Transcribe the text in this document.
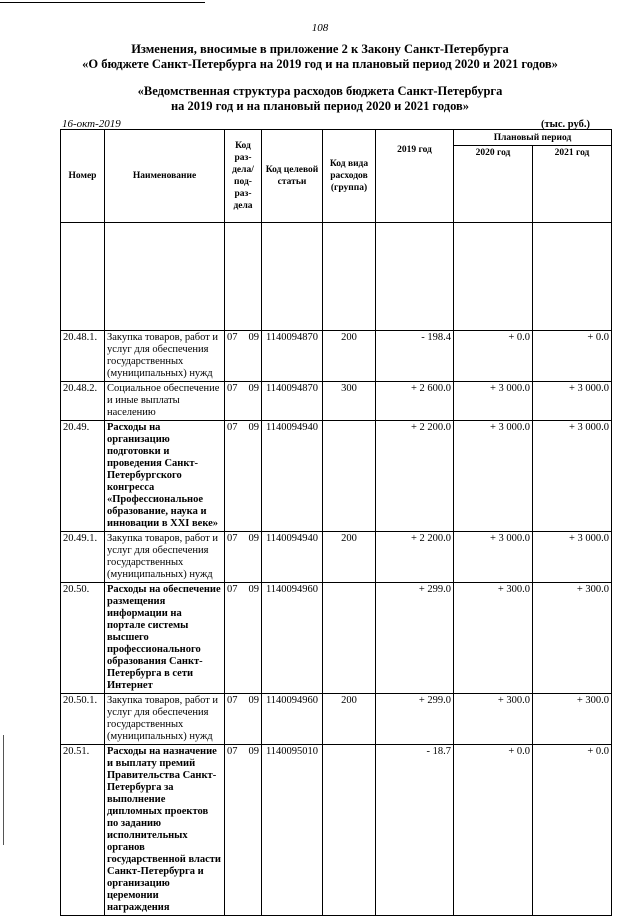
108
Изменения, вносимые в приложение 2 к Закону Санкт-Петербурга
«О бюджете Санкт-Петербурга на 2019 год и на плановый период 2020 и 2021 годов»
«Ведомственная структура расходов бюджета Санкт-Петербурга
на 2019 год и на плановый период 2020 и 2021 годов»
16-окт-2019	(тыс. руб.)
Номер	Наименование	Код раз-дела/ под-раз-дела		Код целевой статьи	Код вида расходов (группа)	2019 год	Плановый период	
							2020 год	2021 год

20.48.1.	Закупка товаров, работ и услуг для обеспечения государственных (муниципальных) нужд	07	09	1140094870	200	- 198.4	+ 0.0	+ 0.0
20.48.2.	Социальное обеспечение и иные выплаты населению	07	09	1140094870	300	+ 2 600.0	+ 3 000.0	+ 3 000.0
20.49.	Расходы на организацию подготовки и проведения Санкт-Петербургского конгресса «Профессиональное образование, наука и инновации в XXI веке»	07	09	1140094940		+ 2 200.0	+ 3 000.0	+ 3 000.0
20.49.1.	Закупка товаров, работ и услуг для обеспечения государственных (муниципальных) нужд	07	09	1140094940	200	+ 2 200.0	+ 3 000.0	+ 3 000.0
20.50.	Расходы на обеспечение размещения информации на портале системы высшего профессионального образования Санкт-Петербурга в сети Интернет	07	09	1140094960		+ 299.0	+ 300.0	+ 300.0
20.50.1.	Закупка товаров, работ и услуг для обеспечения государственных (муниципальных) нужд	07	09	1140094960	200	+ 299.0	+ 300.0	+ 300.0
20.51.	Расходы на назначение и выплату премий Правительства Санкт-Петербурга за выполнение дипломных проектов по заданию исполнительных органов государственной власти Санкт-Петербурга и организацию церемонии награждения	07	09	1140095010		- 18.7	+ 0.0	+ 0.0
